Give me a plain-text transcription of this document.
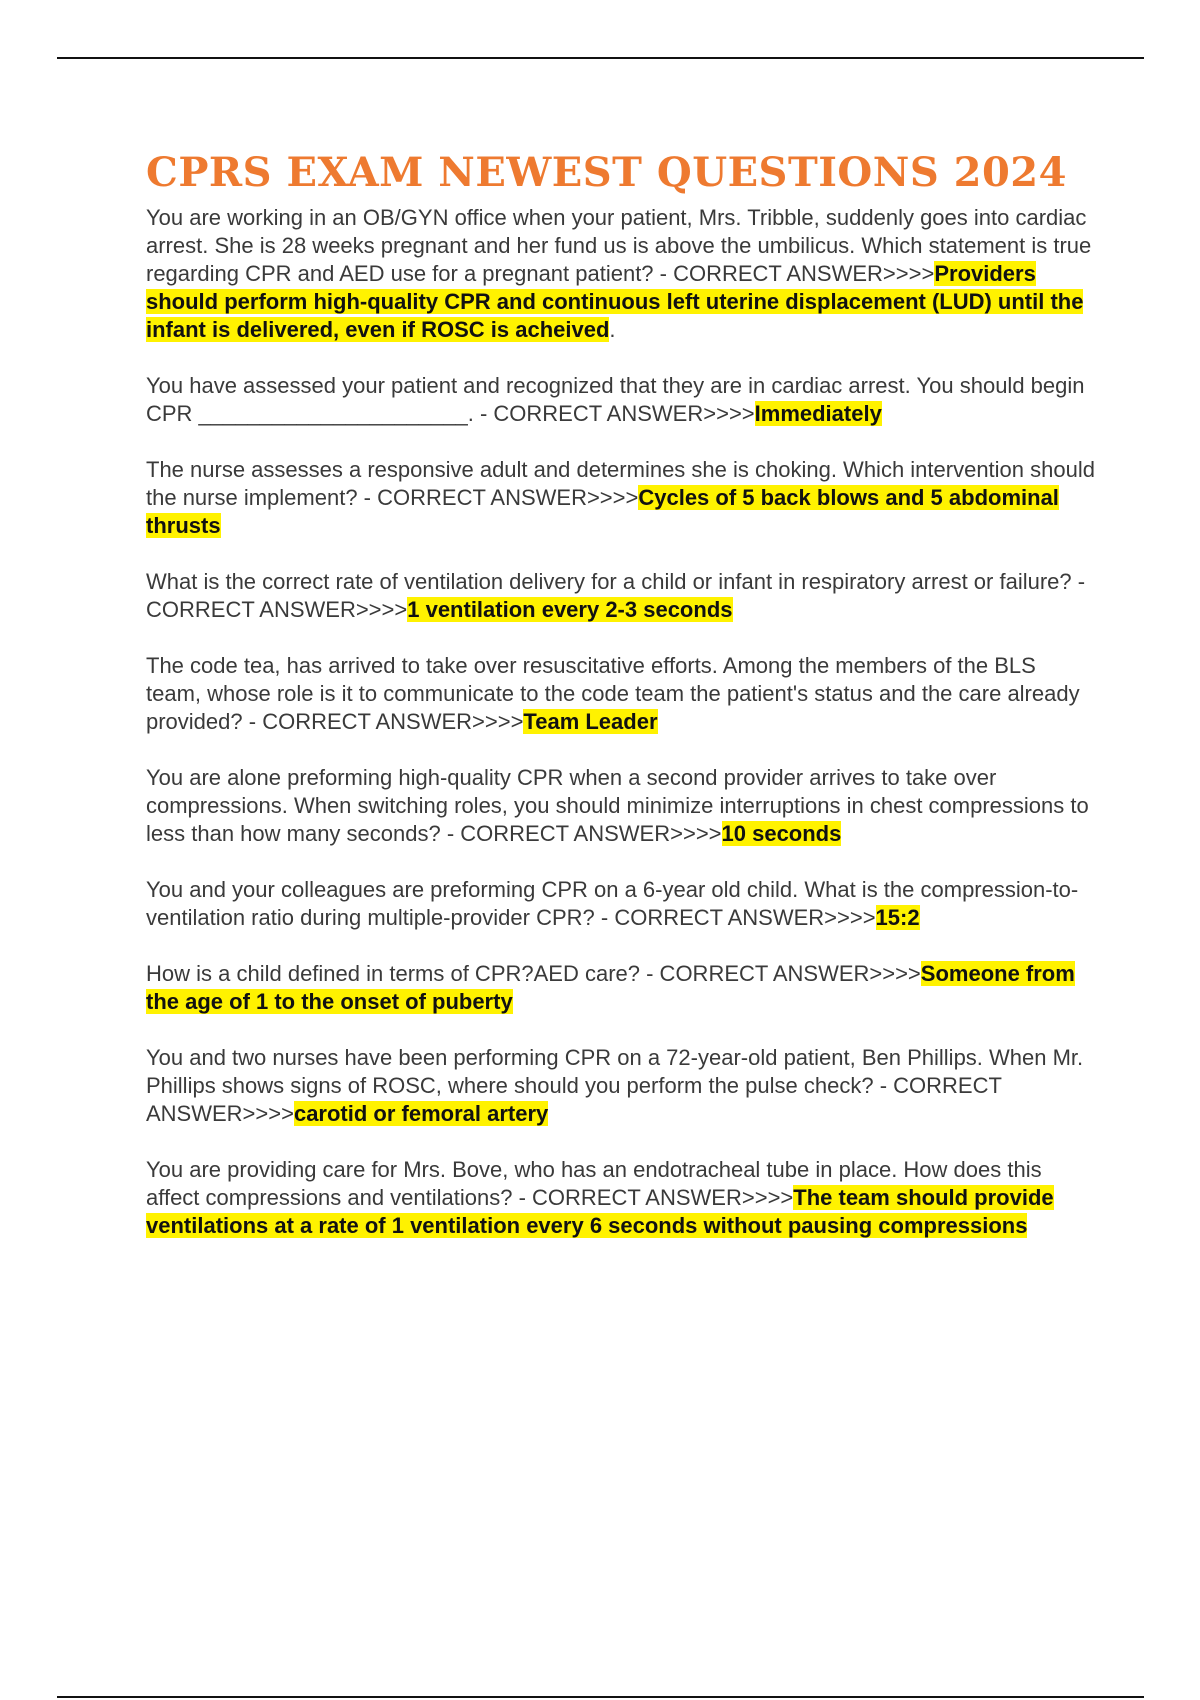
CPRS EXAM NEWEST QUESTIONS 2024

You are working in an OB/GYN office when your patient, Mrs. Tribble, suddenly goes into cardiac arrest. She is 28 weeks pregnant and her fund us is above the umbilicus. Which statement is true regarding CPR and AED use for a pregnant patient? - CORRECT ANSWER>>>>Providers should perform high-quality CPR and continuous left uterine displacement (LUD) until the infant is delivered, even if ROSC is acheived.

You have assessed your patient and recognized that they are in cardiac arrest. You should begin CPR ______________________. - CORRECT ANSWER>>>>Immediately

The nurse assesses a responsive adult and determines she is choking. Which intervention should the nurse implement? - CORRECT ANSWER>>>>Cycles of 5 back blows and 5 abdominal thrusts

What is the correct rate of ventilation delivery for a child or infant in respiratory arrest or failure? - CORRECT ANSWER>>>>1 ventilation every 2-3 seconds

The code tea, has arrived to take over resuscitative efforts. Among the members of the BLS team, whose role is it to communicate to the code team the patient's status and the care already provided? - CORRECT ANSWER>>>>Team Leader

You are alone preforming high-quality CPR when a second provider arrives to take over compressions. When switching roles, you should minimize interruptions in chest compressions to less than how many seconds? - CORRECT ANSWER>>>>10 seconds

You and your colleagues are preforming CPR on a 6-year old child. What is the compression-to-ventilation ratio during multiple-provider CPR? - CORRECT ANSWER>>>>15:2

How is a child defined in terms of CPR?AED care? - CORRECT ANSWER>>>>Someone from the age of 1 to the onset of puberty

You and two nurses have been performing CPR on a 72-year-old patient, Ben Phillips. When Mr. Phillips shows signs of ROSC, where should you perform the pulse check? - CORRECT ANSWER>>>>carotid or femoral artery

You are providing care for Mrs. Bove, who has an endotracheal tube in place. How does this affect compressions and ventilations? - CORRECT ANSWER>>>>The team should provide ventilations at a rate of 1 ventilation every 6 seconds without pausing compressions
